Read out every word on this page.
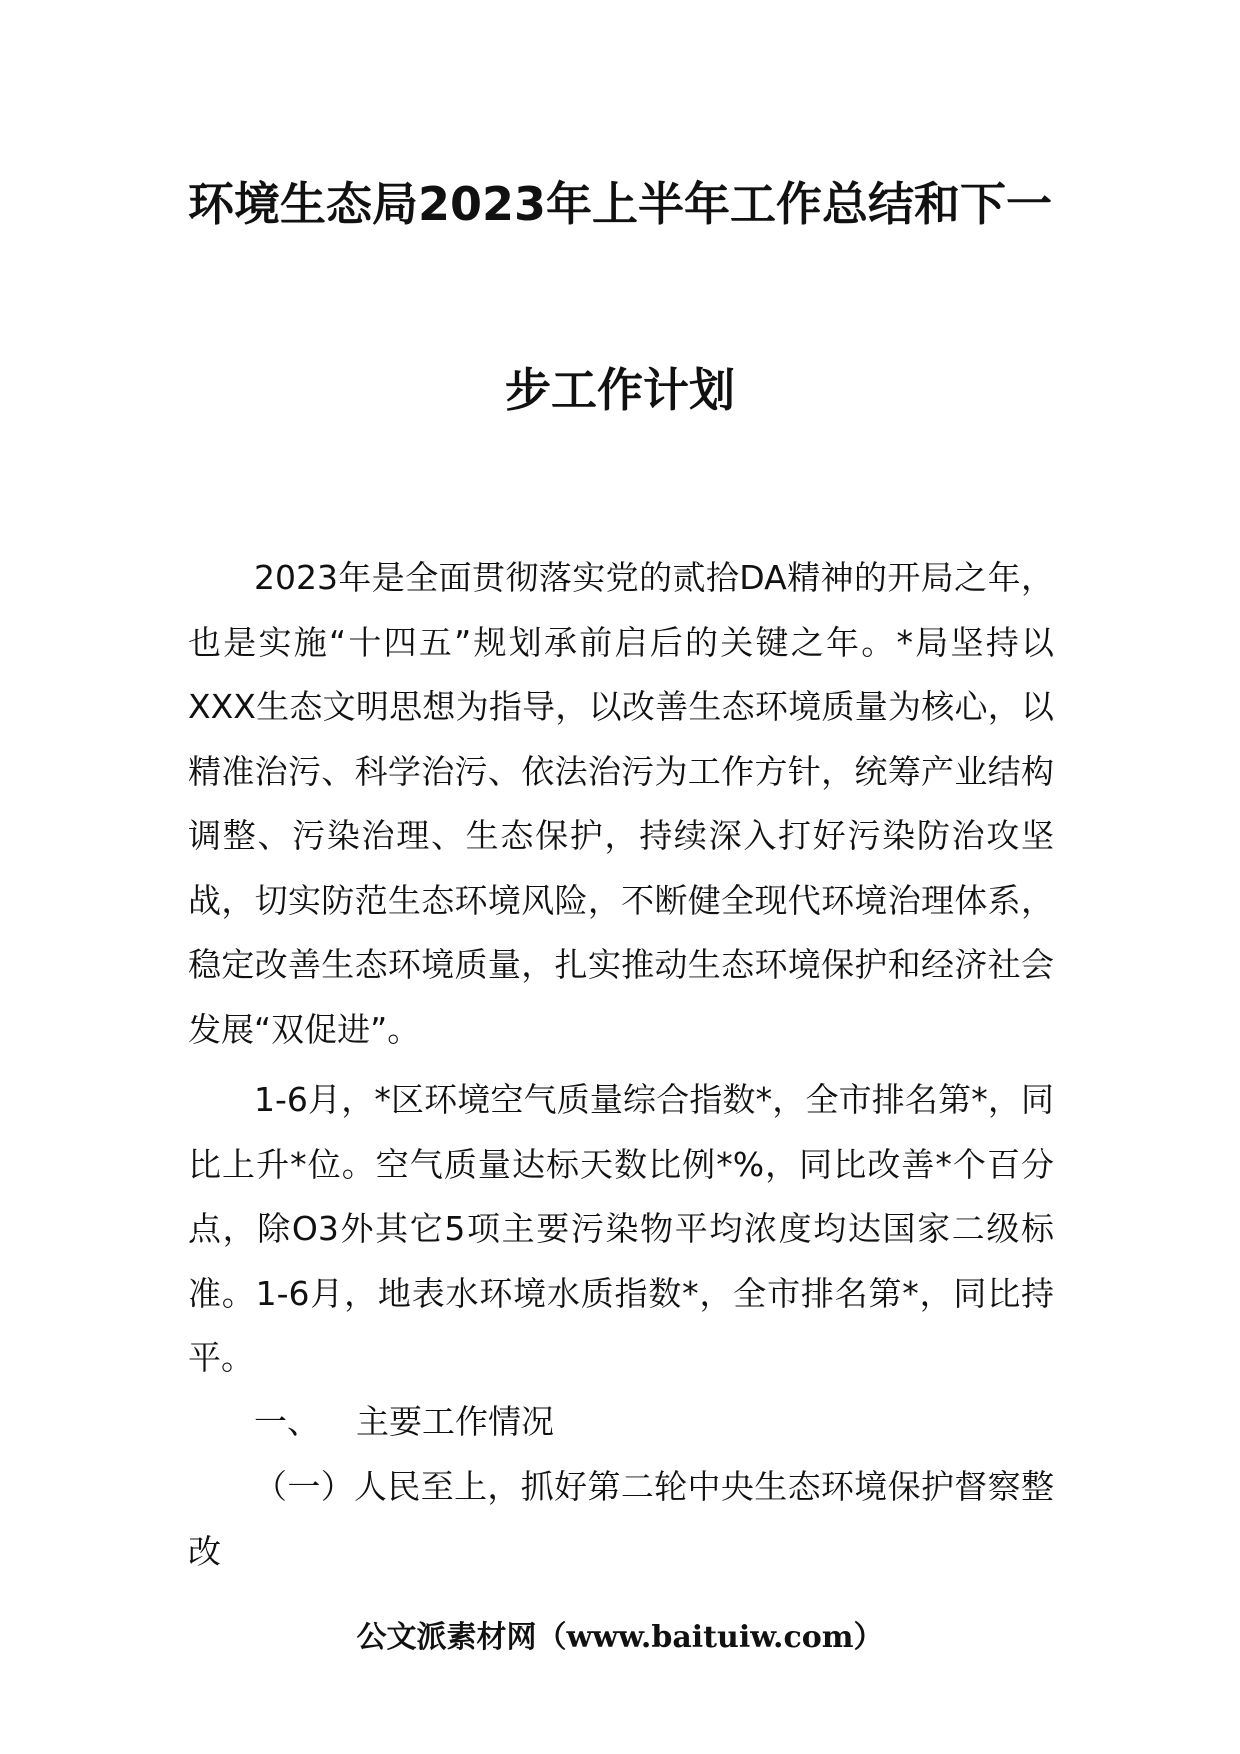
环境生态局2023年上半年工作总结和下一
步工作计划

2023年是全面贯彻落实党的贰拾DA精神的开局之年，也是实施“十四五”规划承前启后的关键之年。*局坚持以XXX生态文明思想为指导，以改善生态环境质量为核心，以精准治污、科学治污、依法治污为工作方针，统筹产业结构调整、污染治理、生态保护，持续深入打好污染防治攻坚战，切实防范生态环境风险，不断健全现代环境治理体系，稳定改善生态环境质量，扎实推动生态环境保护和经济社会发展“双促进”。

1-6月，*区环境空气质量综合指数*，全市排名第*，同比上升*位。空气质量达标天数比例*%，同比改善*个百分点，除O3外其它5项主要污染物平均浓度均达国家二级标准。1-6月，地表水环境水质指数*，全市排名第*，同比持平。

一、 主要工作情况

（一）人民至上，抓好第二轮中央生态环境保护督察整改

公文派素材网（www.baituiw.com）
